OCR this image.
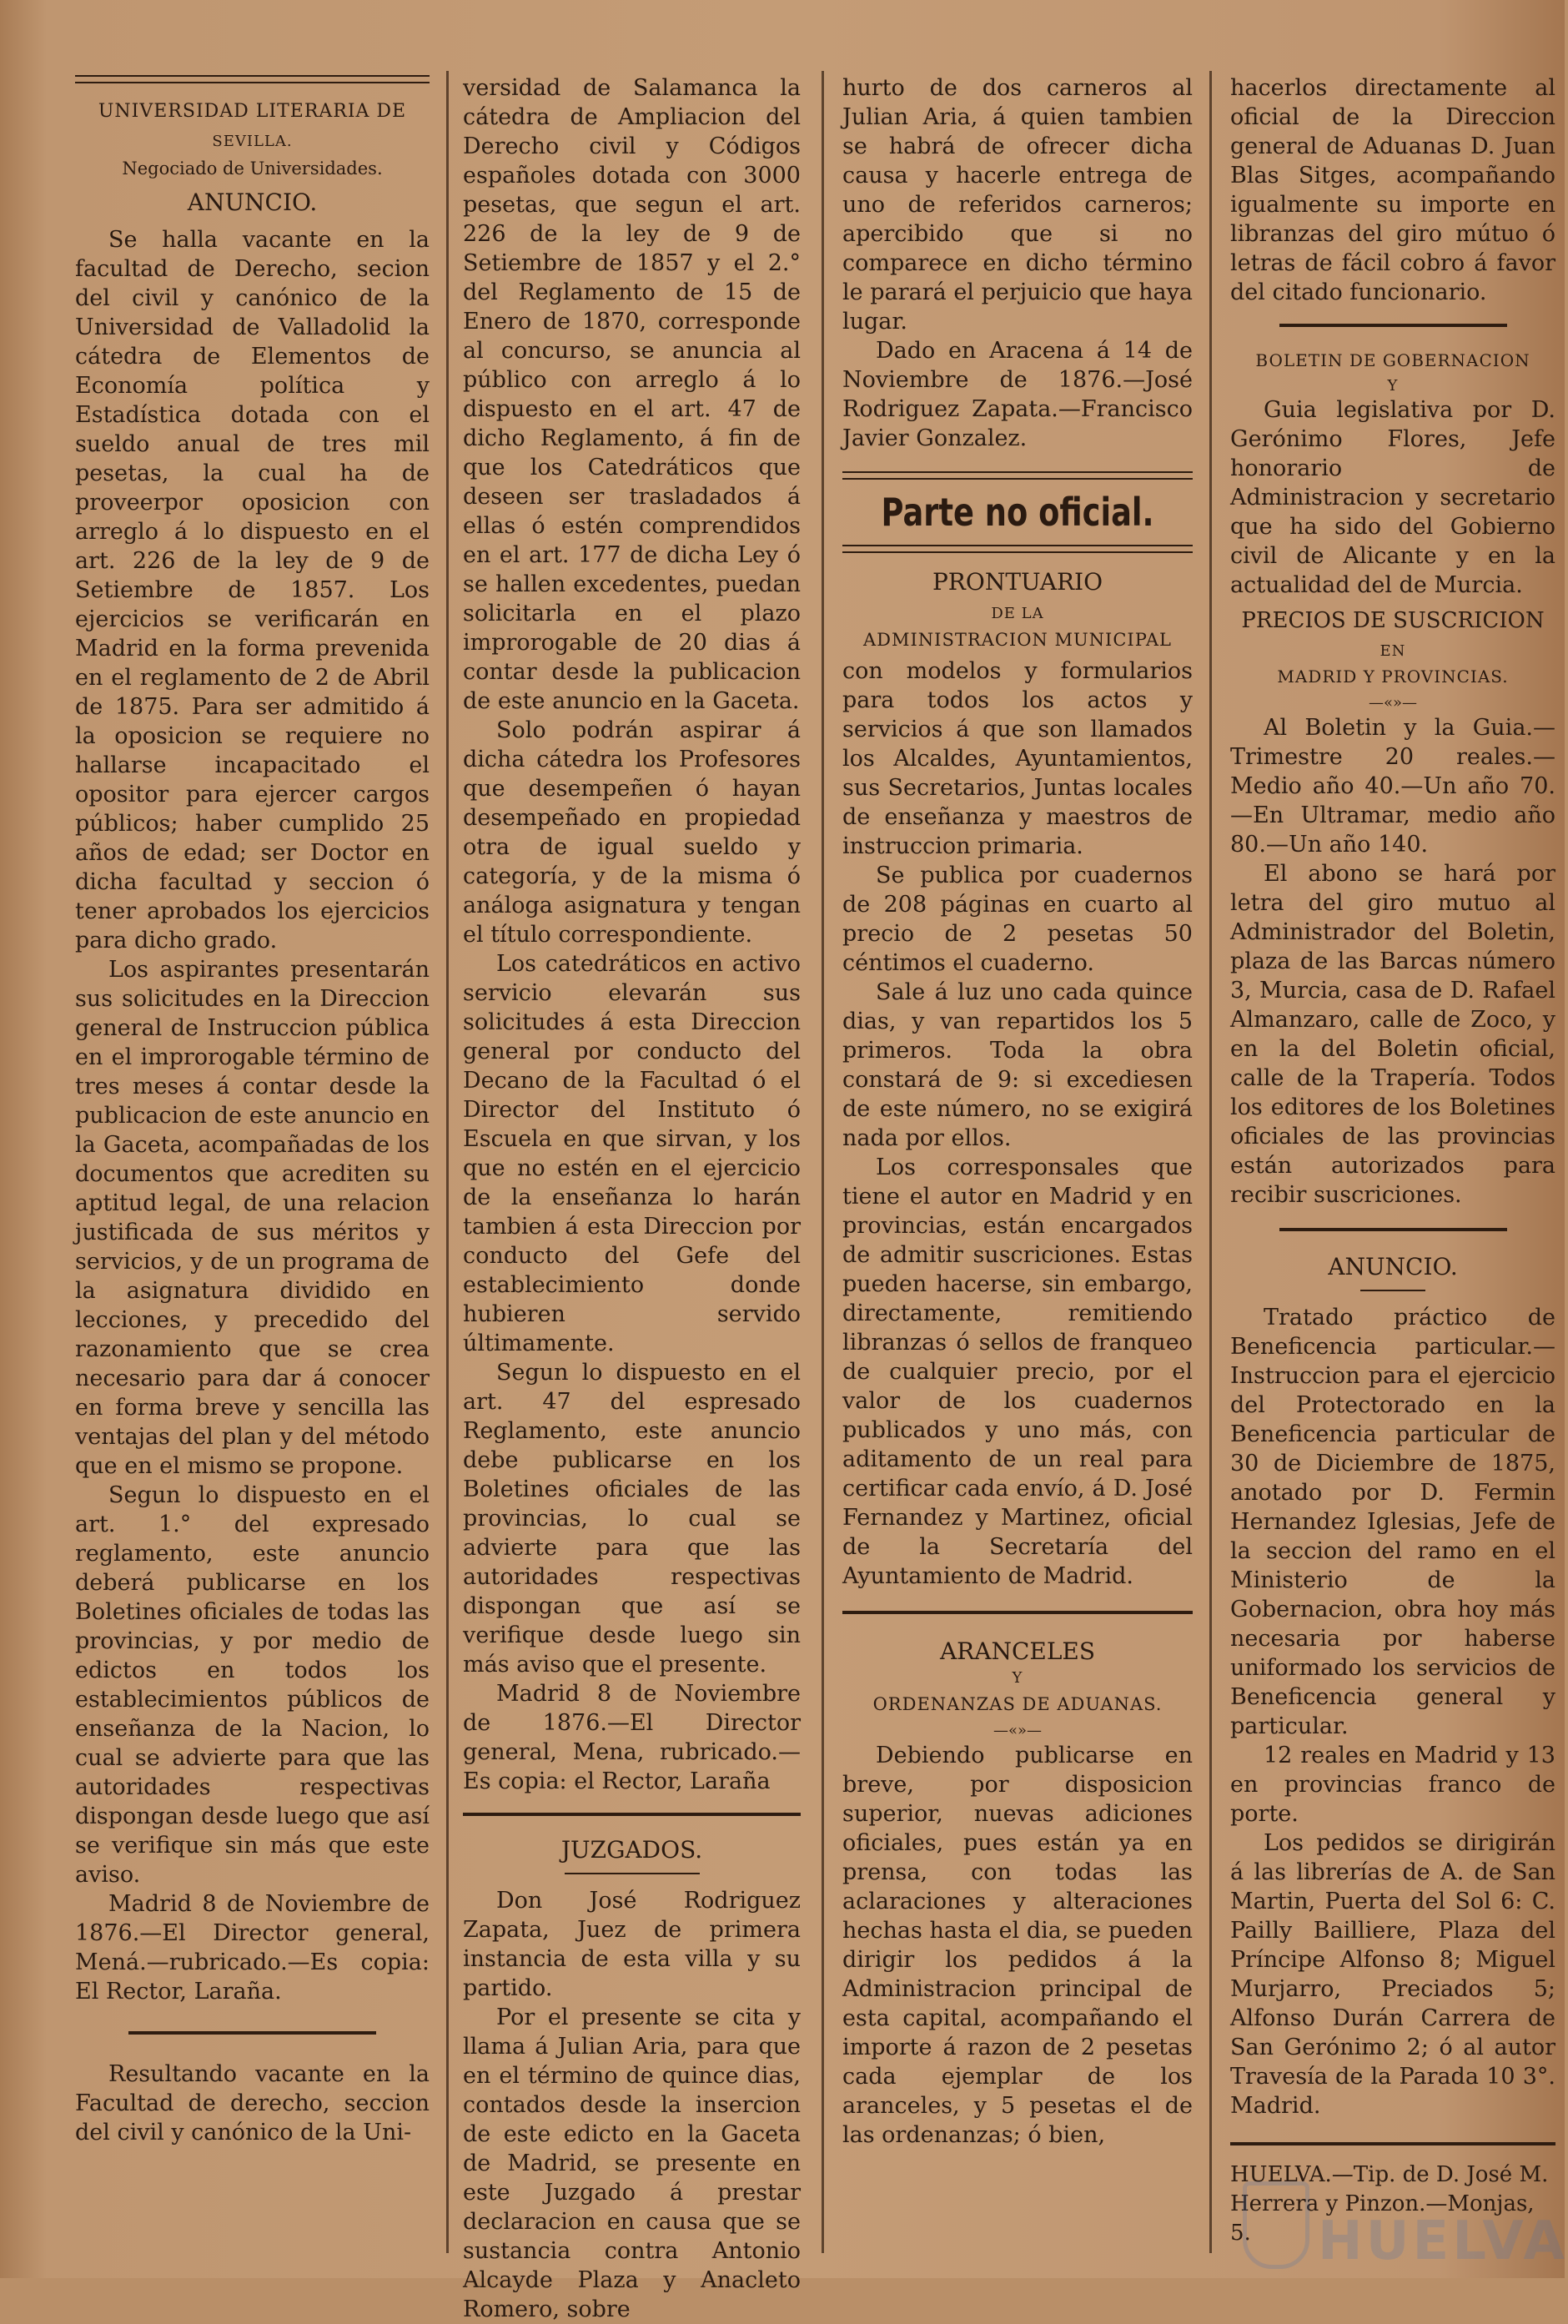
UNIVERSIDAD LITERARIA DE

SEVILLA.

Negociado de Universidades.

ANUNCIO.

Se halla vacante en la facultad de Derecho, secion del civil y canónico de la Universidad de Valladolid la cátedra de Elementos de Economía política y Estadística dotada con el sueldo anual de tres mil pesetas, la cual ha de proveerpor oposicion con arreglo á lo dispuesto en el art. 226 de la ley de 9 de Setiembre de 1857. Los ejercicios se verificarán en Madrid en la forma prevenida en el reglamento de 2 de Abril de 1875. Para ser admitido á la oposicion se requiere no hallarse incapacitado el opositor para ejercer cargos públicos; haber cumplido 25 años de edad; ser Doctor en dicha facultad y seccion ó tener aprobados los ejercicios para dicho grado.

Los aspirantes presentarán sus solicitudes en la Direccion general de Instruccion pública en el improrogable término de tres meses á contar desde la publicacion de este anuncio en la Gaceta, acompañadas de los documentos que acrediten su aptitud legal, de una relacion justificada de sus méritos y servicios, y de un programa de la asignatura dividido en lecciones, y precedido del razonamiento que se crea necesario para dar á conocer en forma breve y sencilla las ventajas del plan y del método que en el mismo se propone.

Segun lo dispuesto en el art. 1.° del expresado reglamento, este anuncio deberá publicarse en los Boletines oficiales de todas las provincias, y por medio de edictos en todos los establecimientos públicos de enseñanza de la Nacion, lo cual se advierte para que las autoridades respectivas dispongan desde luego que así se verifique sin más que este aviso.

Madrid 8 de Noviembre de 1876.—El Director general, Mená.—rubricado.—Es copia: El Rector, Laraña.

Resultando vacante en la Facultad de derecho, seccion del civil y canónico de la Uni-

versidad de Salamanca la cátedra de Ampliacion del Derecho civil y Códigos españoles dotada con 3000 pesetas, que segun el art. 226 de la ley de 9 de Setiembre de 1857 y el 2.° del Reglamento de 15 de Enero de 1870, corresponde al concurso, se anuncia al público con arreglo á lo dispuesto en el art. 47 de dicho Reglamento, á fin de que los Catedráticos que deseen ser trasladados á ellas ó estén comprendidos en el art. 177 de dicha Ley ó se hallen excedentes, puedan solicitarla en el plazo improrogable de 20 dias á contar desde la publicacion de este anuncio en la Gaceta.

Solo podrán aspirar á dicha cátedra los Profesores que desempeñen ó hayan desempeñado en propiedad otra de igual sueldo y categoría, y de la misma ó análoga asignatura y tengan el título correspondiente.

Los catedráticos en activo servicio elevarán sus solicitudes á esta Direccion general por conducto del Decano de la Facultad ó el Director del Instituto ó Escuela en que sirvan, y los que no estén en el ejercicio de la enseñanza lo harán tambien á esta Direccion por conducto del Gefe del establecimiento donde hubieren servido últimamente.

Segun lo dispuesto en el art. 47 del espresado Reglamento, este anuncio debe publicarse en los Boletines oficiales de las provincias, lo cual se advierte para que las autoridades respectivas dispongan que así se verifique desde luego sin más aviso que el presente.

Madrid 8 de Noviembre de 1876.—El Director general, Mena, rubricado.—Es copia: el Rector, Laraña

JUZGADOS.

Don José Rodriguez Zapata, Juez de primera instancia de esta villa y su partido.

Por el presente se cita y llama á Julian Aria, para que en el término de quince dias, contados desde la insercion de este edicto en la Gaceta de Madrid, se presente en este Juzgado á prestar declaracion en causa que se sustancia contra Antonio Alcayde Plaza y Anacleto Romero, sobre

hurto de dos carneros al Julian Aria, á quien tambien se habrá de ofrecer dicha causa y hacerle entrega de uno de referidos carneros; apercibido que si no comparece en dicho término le parará el perjuicio que haya lugar.

Dado en Aracena á 14 de Noviembre de 1876.—José Rodriguez Zapata.—Francisco Javier Gonzalez.

Parte no oficial.

PRONTUARIO

DE LA

ADMINISTRACION MUNICIPAL

con modelos y formularios para todos los actos y servicios á que son llamados los Alcaldes, Ayuntamientos, sus Secretarios, Juntas locales de enseñanza y maestros de instruccion primaria.

Se publica por cuadernos de 208 páginas en cuarto al precio de 2 pesetas 50 céntimos el cuaderno.

Sale á luz uno cada quince dias, y van repartidos los 5 primeros. Toda la obra constará de 9: si excediesen de este número, no se exigirá nada por ellos.

Los corresponsales que tiene el autor en Madrid y en provincias, están encargados de admitir suscriciones. Estas pueden hacerse, sin embargo, directamente, remitiendo libranzas ó sellos de franqueo de cualquier precio, por el valor de los cuadernos publicados y uno más, con aditamento de un real para certificar cada envío, á D. José Fernandez y Martinez, oficial de la Secretaría del Ayuntamiento de Madrid.

ARANCELES

Y

ORDENANZAS DE ADUANAS.

—«»—

Debiendo publicarse en breve, por disposicion superior, nuevas adiciones oficiales, pues están ya en prensa, con todas las aclaraciones y alteraciones hechas hasta el dia, se pueden dirigir los pedidos á la Administracion principal de esta capital, acompañando el importe á razon de 2 pesetas cada ejemplar de los aranceles, y 5 pesetas el de las ordenanzas; ó bien,

hacerlos directamente al oficial de la Direccion general de Aduanas D. Juan Blas Sitges, acompañando igualmente su importe en libranzas del giro mútuo ó letras de fácil cobro á favor del citado funcionario.

BOLETIN DE GOBERNACION

Y

Guia legislativa por D. Gerónimo Flores, Jefe honorario de Administracion y secretario que ha sido del Gobierno civil de Alicante y en la actualidad del de Murcia.

PRECIOS DE SUSCRICION

EN

MADRID Y PROVINCIAS.

—«»—

Al Boletin y la Guia.—Trimestre 20 reales.—Medio año 40.—Un año 70.—En Ultramar, medio año 80.—Un año 140.

El abono se hará por letra del giro mutuo al Administrador del Boletin, plaza de las Barcas número 3, Murcia, casa de D. Rafael Almanzaro, calle de Zoco, y en la del Boletin oficial, calle de la Trapería. Todos los editores de los Boletines oficiales de las provincias están autorizados para recibir suscriciones.

ANUNCIO.

Tratado práctico de Beneficencia particular.—Instruccion para el ejercicio del Protectorado en la Beneficencia particular de 30 de Diciembre de 1875, anotado por D. Fermin Hernandez Iglesias, Jefe de la seccion del ramo en el Ministerio de la Gobernacion, obra hoy más necesaria por haberse uniformado los servicios de Beneficencia general y particular.

12 reales en Madrid y 13 en provincias franco de porte.

Los pedidos se dirigirán á las librerías de A. de San Martin, Puerta del Sol 6: C. Pailly Bailliere, Plaza del Príncipe Alfonso 8; Miguel Murjarro, Preciados 5; Alfonso Durán Carrera de San Gerónimo 2; ó al autor Travesía de la Parada 10 3°. Madrid.

HUELVA.—Tip. de D. José M. Herrera y Pinzon.—Monjas, 5.	HUELVA
